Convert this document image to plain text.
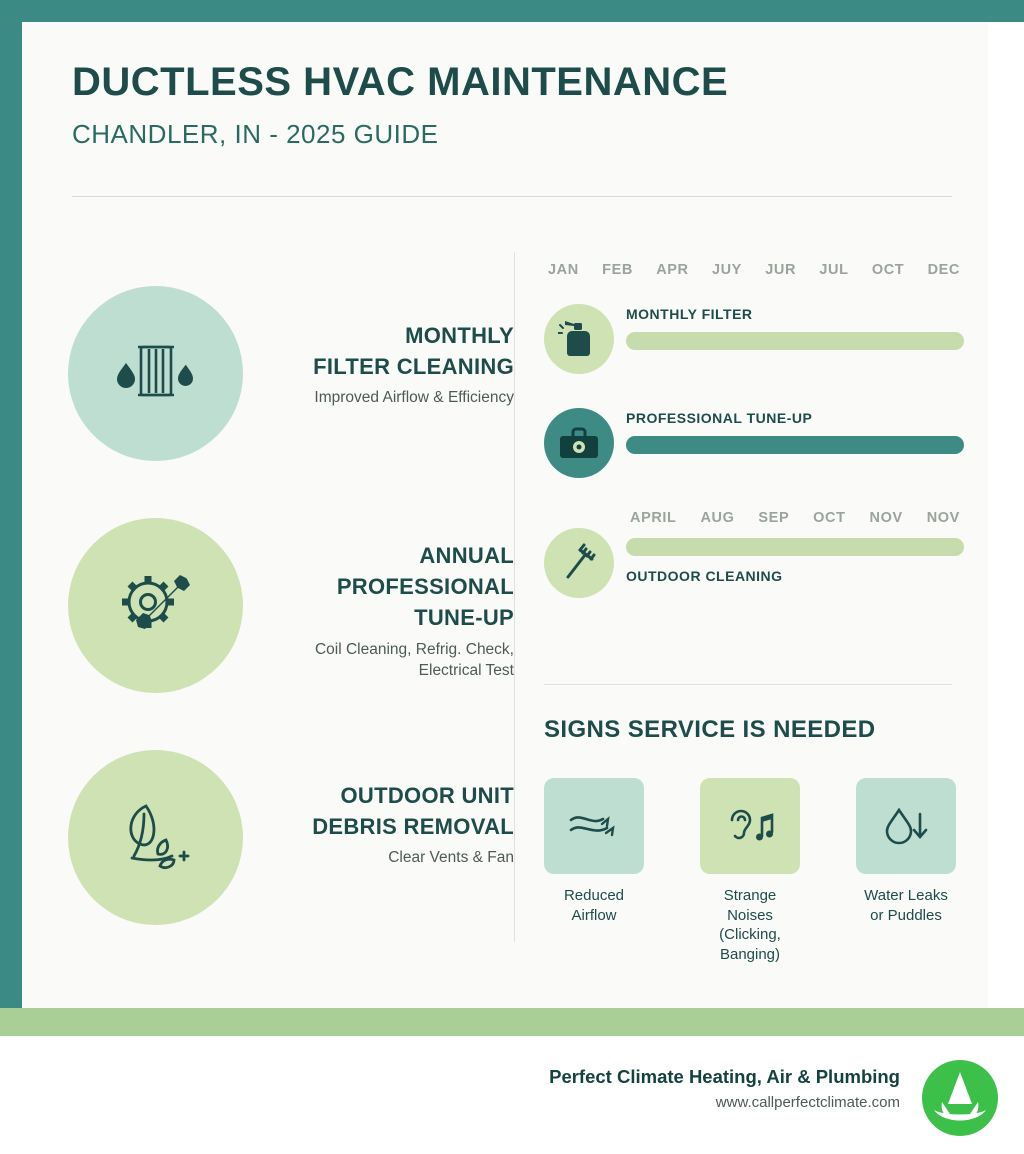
DUCTLESS HVAC MAINTENANCE
CHANDLER, IN - 2025 GUIDE
MONTHLY
FILTER CLEANING
Improved Airflow & Efficiency
ANNUAL
PROFESSIONAL
TUNE-UP
Coil Cleaning, Refrig. Check,
Electrical Test
OUTDOOR UNIT
DEBRIS REMOVAL
Clear Vents & Fan
JAN FEB APR JUY JUR JUL OCT DEC
MONTHLY FILTER
PROFESSIONAL TUNE-UP
APRIL AUG SEP OCT NOV NOV
OUTDOOR CLEANING
SIGNS SERVICE IS NEEDED
Reduced Airflow
Strange Noises
(Clicking, Banging)
Water Leaks
or Puddles
Perfect Climate Heating, Air & Plumbing
www.callperfectclimate.com
